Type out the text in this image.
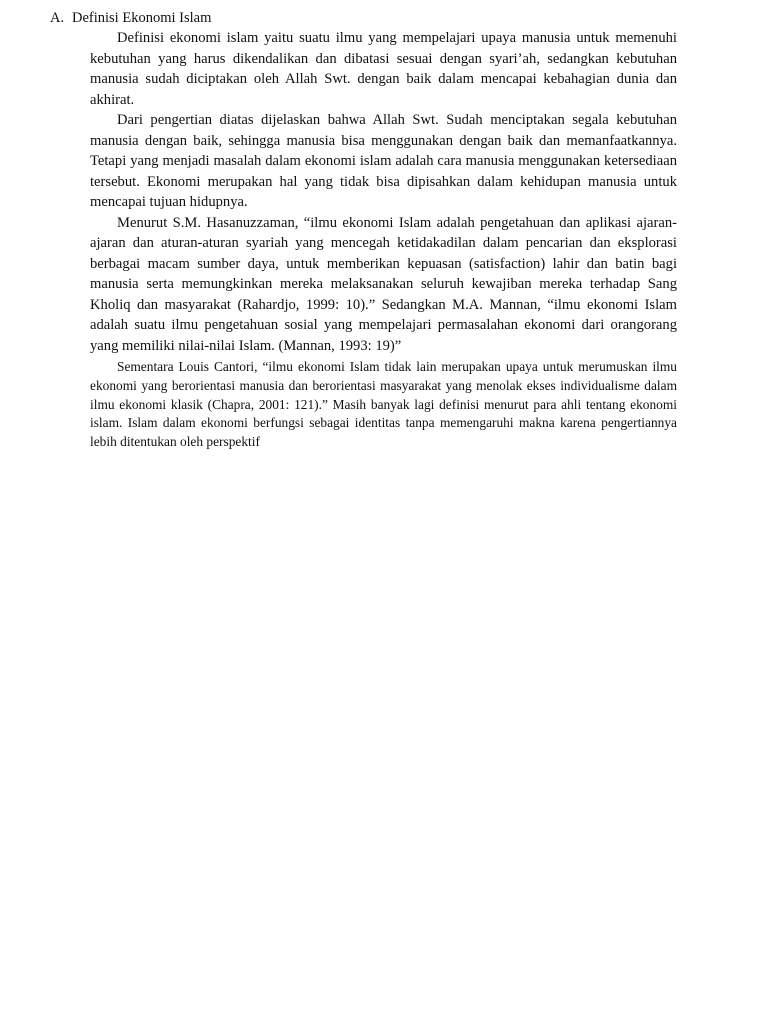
A. Definisi Ekonomi Islam

Definisi ekonomi islam yaitu suatu ilmu yang mempelajari upaya manusia untuk memenuhi kebutuhan yang harus dikendalikan dan dibatasi sesuai dengan syari’ah, sedangkan kebutuhan manusia sudah diciptakan oleh Allah Swt. dengan baik dalam mencapai kebahagian dunia dan akhirat.

Dari pengertian diatas dijelaskan bahwa Allah Swt. Sudah menciptakan segala kebutuhan manusia dengan baik, sehingga manusia bisa menggunakan dengan baik dan memanfaatkannya. Tetapi yang menjadi masalah dalam ekonomi islam adalah cara manusia menggunakan ketersediaan tersebut. Ekonomi merupakan hal yang tidak bisa dipisahkan dalam kehidupan manusia untuk mencapai tujuan hidupnya.

Menurut S.M. Hasanuzzaman, “ilmu ekonomi Islam adalah pengetahuan dan aplikasi ajaran-ajaran dan aturan-aturan syariah yang mencegah ketidakadilan dalam pencarian dan eksplorasi berbagai macam sumber daya, untuk memberikan kepuasan (satisfaction) lahir dan batin bagi manusia serta memungkinkan mereka melaksanakan seluruh kewajiban mereka terhadap Sang Kholiq dan masyarakat (Rahardjo, 1999: 10).” Sedangkan M.A. Mannan, “ilmu ekonomi Islam adalah suatu ilmu pengetahuan sosial yang mempelajari permasalahan ekonomi dari orangorang yang memiliki nilai-nilai Islam. (Mannan, 1993: 19)”

Sementara Louis Cantori, “ilmu ekonomi Islam tidak lain merupakan upaya untuk merumuskan ilmu ekonomi yang berorientasi manusia dan berorientasi masyarakat yang menolak ekses individualisme dalam ilmu ekonomi klasik (Chapra, 2001: 121).” Masih banyak lagi definisi menurut para ahli tentang ekonomi islam. Islam dalam ekonomi berfungsi sebagai identitas tanpa memengaruhi makna karena pengertiannya lebih ditentukan oleh perspektif
